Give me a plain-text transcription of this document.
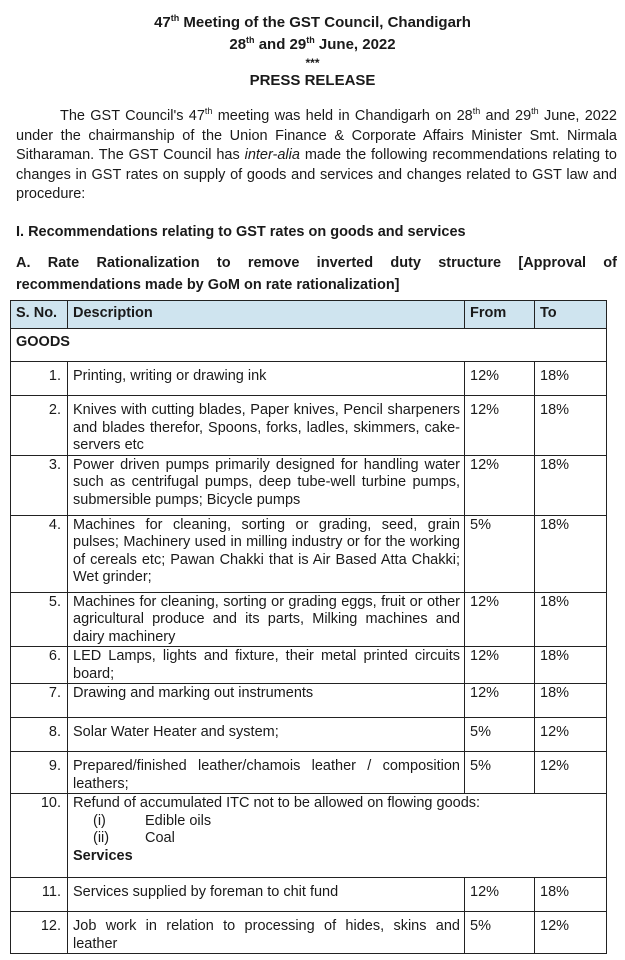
47th Meeting of the GST Council, Chandigarh
28th and 29th June, 2022
***
PRESS RELEASE

The GST Council's 47th meeting was held in Chandigarh on 28th and 29th June, 2022 under the chairmanship of the Union Finance & Corporate Affairs Minister Smt. Nirmala Sitharaman. The GST Council has inter-alia made the following recommendations relating to changes in GST rates on supply of goods and services and changes related to GST law and procedure:

I. Recommendations relating to GST rates on goods and services
A. Rate Rationalization to remove inverted duty structure [Approval of
recommendations made by GoM on rate rationalization]
S. No.	Description	From	To
GOODS			
1.	Printing, writing or drawing ink	12%	18%
2.	Knives with cutting blades, Paper knives, Pencil sharpeners and blades therefor, Spoons, forks, ladles, skimmers, cake-servers etc	12%	18%
3.	Power driven pumps primarily designed for handling water such as centrifugal pumps, deep tube-well turbine pumps, submersible pumps; Bicycle pumps	12%	18%
4.	Machines for cleaning, sorting or grading, seed, grain pulses; Machinery used in milling industry or for the working of cereals etc; Pawan Chakki that is Air Based Atta Chakki; Wet grinder;	5%	18%
5.	Machines for cleaning, sorting or grading eggs, fruit or other agricultural produce and its parts, Milking machines and dairy machinery	12%	18%
6.	LED Lamps, lights and fixture, their metal printed circuits board;	12%	18%
7.	Drawing and marking out instruments	12%	18%
8.	Solar Water Heater and system;	5%	12%
9.	Prepared/finished leather/chamois leather / composition leathers;	5%	12%
10.	Refund of accumulated ITC not to be allowed on flowing goods:
(i) Edible oils
(ii) Coal
Services		

11.	Services supplied by foreman to chit fund	12%	18%
12.	Job work in relation to processing of hides, skins and leather	5%	12%
